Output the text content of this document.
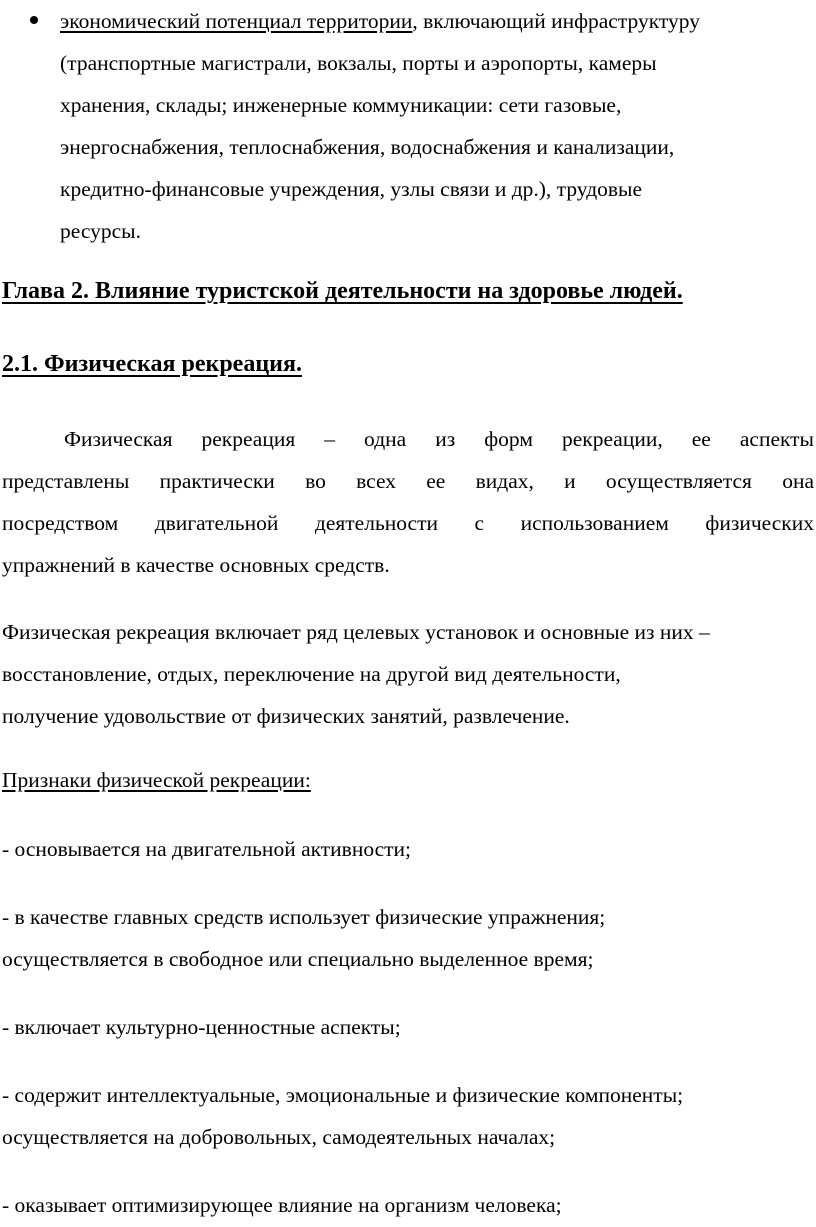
экономический потенциал территории, включающий инфраструктуру
(транспортные магистрали, вокзалы, порты и аэропорты, камеры
хранения, склады; инженерные коммуникации: сети газовые,
энергоснабжения, теплоснабжения, водоснабжения и канализации,
кредитно-финансовые учреждения, узлы связи и др.), трудовые
ресурсы.
Глава 2. Влияние туристской деятельности на здоровье людей.
2.1. Физическая рекреация.
Физическая рекреация – одна из форм рекреации, ее аспекты
представлены практически во всех ее видах, и осуществляется она
посредством двигательной деятельности с использованием физических
упражнений в качестве основных средств.
Физическая рекреация включает ряд целевых установок и основные из них –
восстановление, отдых, переключение на другой вид деятельности,
получение удовольствие от физических занятий, развлечение.
Признаки физической рекреации:
- основывается на двигательной активности;
- в качестве главных средств использует физические упражнения;
осуществляется в свободное или специально выделенное время;
- включает культурно-ценностные аспекты;
- содержит интеллектуальные, эмоциональные и физические компоненты;
осуществляется на добровольных, самодеятельных началах;
- оказывает оптимизирующее влияние на организм человека;
